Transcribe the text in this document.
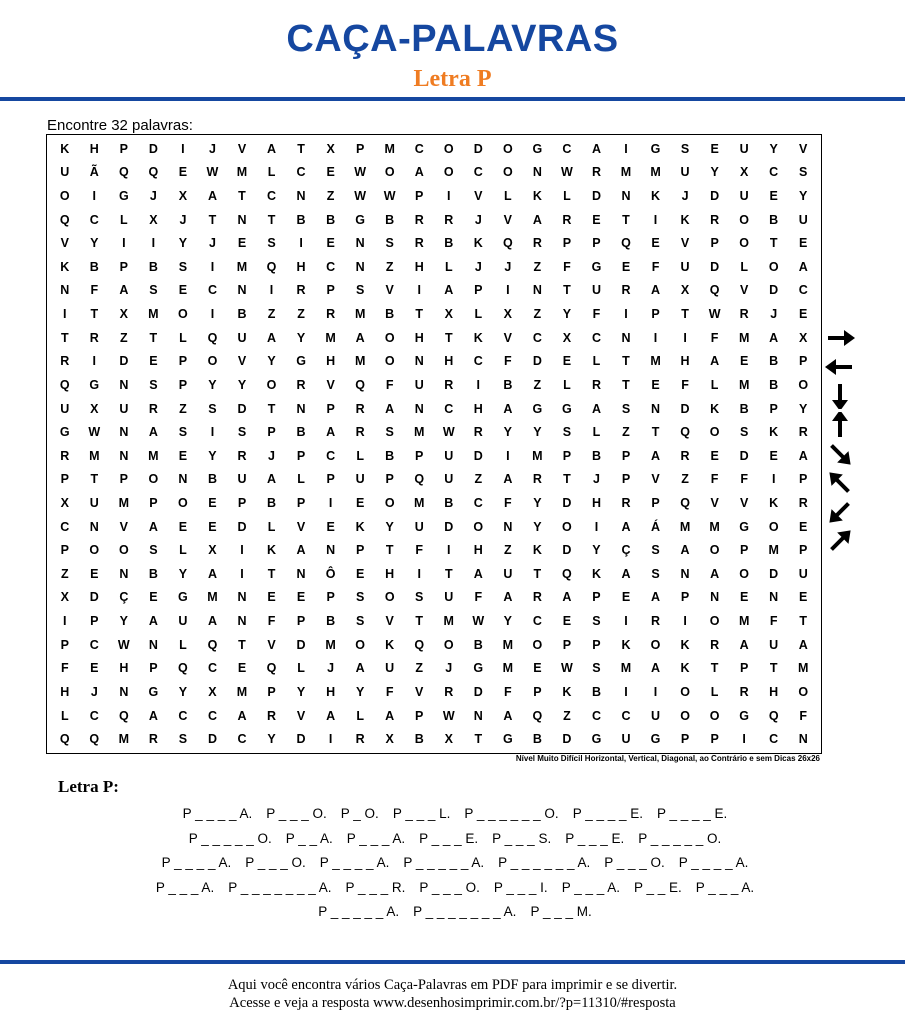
CAÇA-PALAVRAS
Letra P
Encontre 32 palavras:
K	H	P	D	I	J	V	A	T	X	P	M	C	O	D	O	G	C	A	I	G	S	E	U	Y	V
U	Ã	Q	Q	E	W	M	L	C	E	W	O	A	O	C	O	N	W	R	M	M	U	Y	X	C	S
O	I	G	J	X	A	T	C	N	Z	W	W	P	I	V	L	K	L	D	N	K	J	D	U	E	Y
Q	C	L	X	J	T	N	T	B	B	G	B	R	R	J	V	A	R	E	T	I	K	R	O	B	U
V	Y	I	I	Y	J	E	S	I	E	N	S	R	B	K	Q	R	P	P	Q	E	V	P	O	T	E
K	B	P	B	S	I	M	Q	H	C	N	Z	H	L	J	J	Z	F	G	E	F	U	D	L	O	A
N	F	A	S	E	C	N	I	R	P	S	V	I	A	P	I	N	T	U	R	A	X	Q	V	D	C
I	T	X	M	O	I	B	Z	Z	R	M	B	T	X	L	X	Z	Y	F	I	P	T	W	R	J	E
T	R	Z	T	L	Q	U	A	Y	M	A	O	H	T	K	V	C	X	C	N	I	I	F	M	A	X
R	I	D	E	P	O	V	Y	G	H	M	O	N	H	C	F	D	E	L	T	M	H	A	E	B	P
Q	G	N	S	P	Y	Y	O	R	V	Q	F	U	R	I	B	Z	L	R	T	E	F	L	M	B	O
U	X	U	R	Z	S	D	T	N	P	R	A	N	C	H	A	G	G	A	S	N	D	K	B	P	Y
G	W	N	A	S	I	S	P	B	A	R	S	M	W	R	Y	Y	S	L	Z	T	Q	O	S	K	R
R	M	N	M	E	Y	R	J	P	C	L	B	P	U	D	I	M	P	B	P	A	R	E	D	E	A
P	T	P	O	N	B	U	A	L	P	U	P	Q	U	Z	A	R	T	J	P	V	Z	F	F	I	P
X	U	M	P	O	E	P	B	P	I	E	O	M	B	C	F	Y	D	H	R	P	Q	V	V	K	R
C	N	V	A	E	E	D	L	V	E	K	Y	U	D	O	N	Y	O	I	A	Á	M	M	G	O	E
P	O	O	S	L	X	I	K	A	N	P	T	F	I	H	Z	K	D	Y	Ç	S	A	O	P	M	P
Z	E	N	B	Y	A	I	T	N	Ô	E	H	I	T	A	U	T	Q	K	A	S	N	A	O	D	U
X	D	Ç	E	G	M	N	E	E	P	S	O	S	U	F	A	R	A	P	E	A	P	N	E	N	E
I	P	Y	A	U	A	N	F	P	B	S	V	T	M	W	Y	C	E	S	I	R	I	O	M	F	T
P	C	W	N	L	Q	T	V	D	M	O	K	Q	O	B	M	O	P	P	K	O	K	R	A	U	A
F	E	H	P	Q	C	E	Q	L	J	A	U	Z	J	G	M	E	W	S	M	A	K	T	P	T	M
H	J	N	G	Y	X	M	P	Y	H	Y	F	V	R	D	F	P	K	B	I	I	O	L	R	H	O
L	C	Q	A	C	C	A	R	V	A	L	A	P	W	N	A	Q	Z	C	C	U	O	O	G	Q	F
Q	Q	M	R	S	D	C	Y	D	I	R	X	B	X	T	G	B	D	G	U	G	P	P	I	C	N
Nível Muito Difícil Horizontal, Vertical, Diagonal, ao Contrário e sem Dicas 26x26
Letra P:
P _ _ _ _ A. P _ _ _ O. P _ O. P _ _ _ L. P _ _ _ _ _ _ O. P _ _ _ _ E. P _ _ _ _ E.
P _ _ _ _ _ O. P _ _ A. P _ _ _ A. P _ _ _ E. P _ _ _ S. P _ _ _ E. P _ _ _ _ _ O.
P _ _ _ _ A. P _ _ _ O. P _ _ _ _ A. P _ _ _ _ _ A. P _ _ _ _ _ _ A. P _ _ _ O. P _ _ _ _ A.
P _ _ _ A. P _ _ _ _ _ _ _ A. P _ _ _ R. P _ _ _ O. P _ _ _ I. P _ _ _ A. P _ _ E. P _ _ _ A.
P _ _ _ _ _ A. P _ _ _ _ _ _ _ A. P _ _ _ M.
Aqui você encontra vários Caça-Palavras em PDF para imprimir e se divertir.
Acesse e veja a resposta www.desenhosimprimir.com.br/?p=11310/#resposta
